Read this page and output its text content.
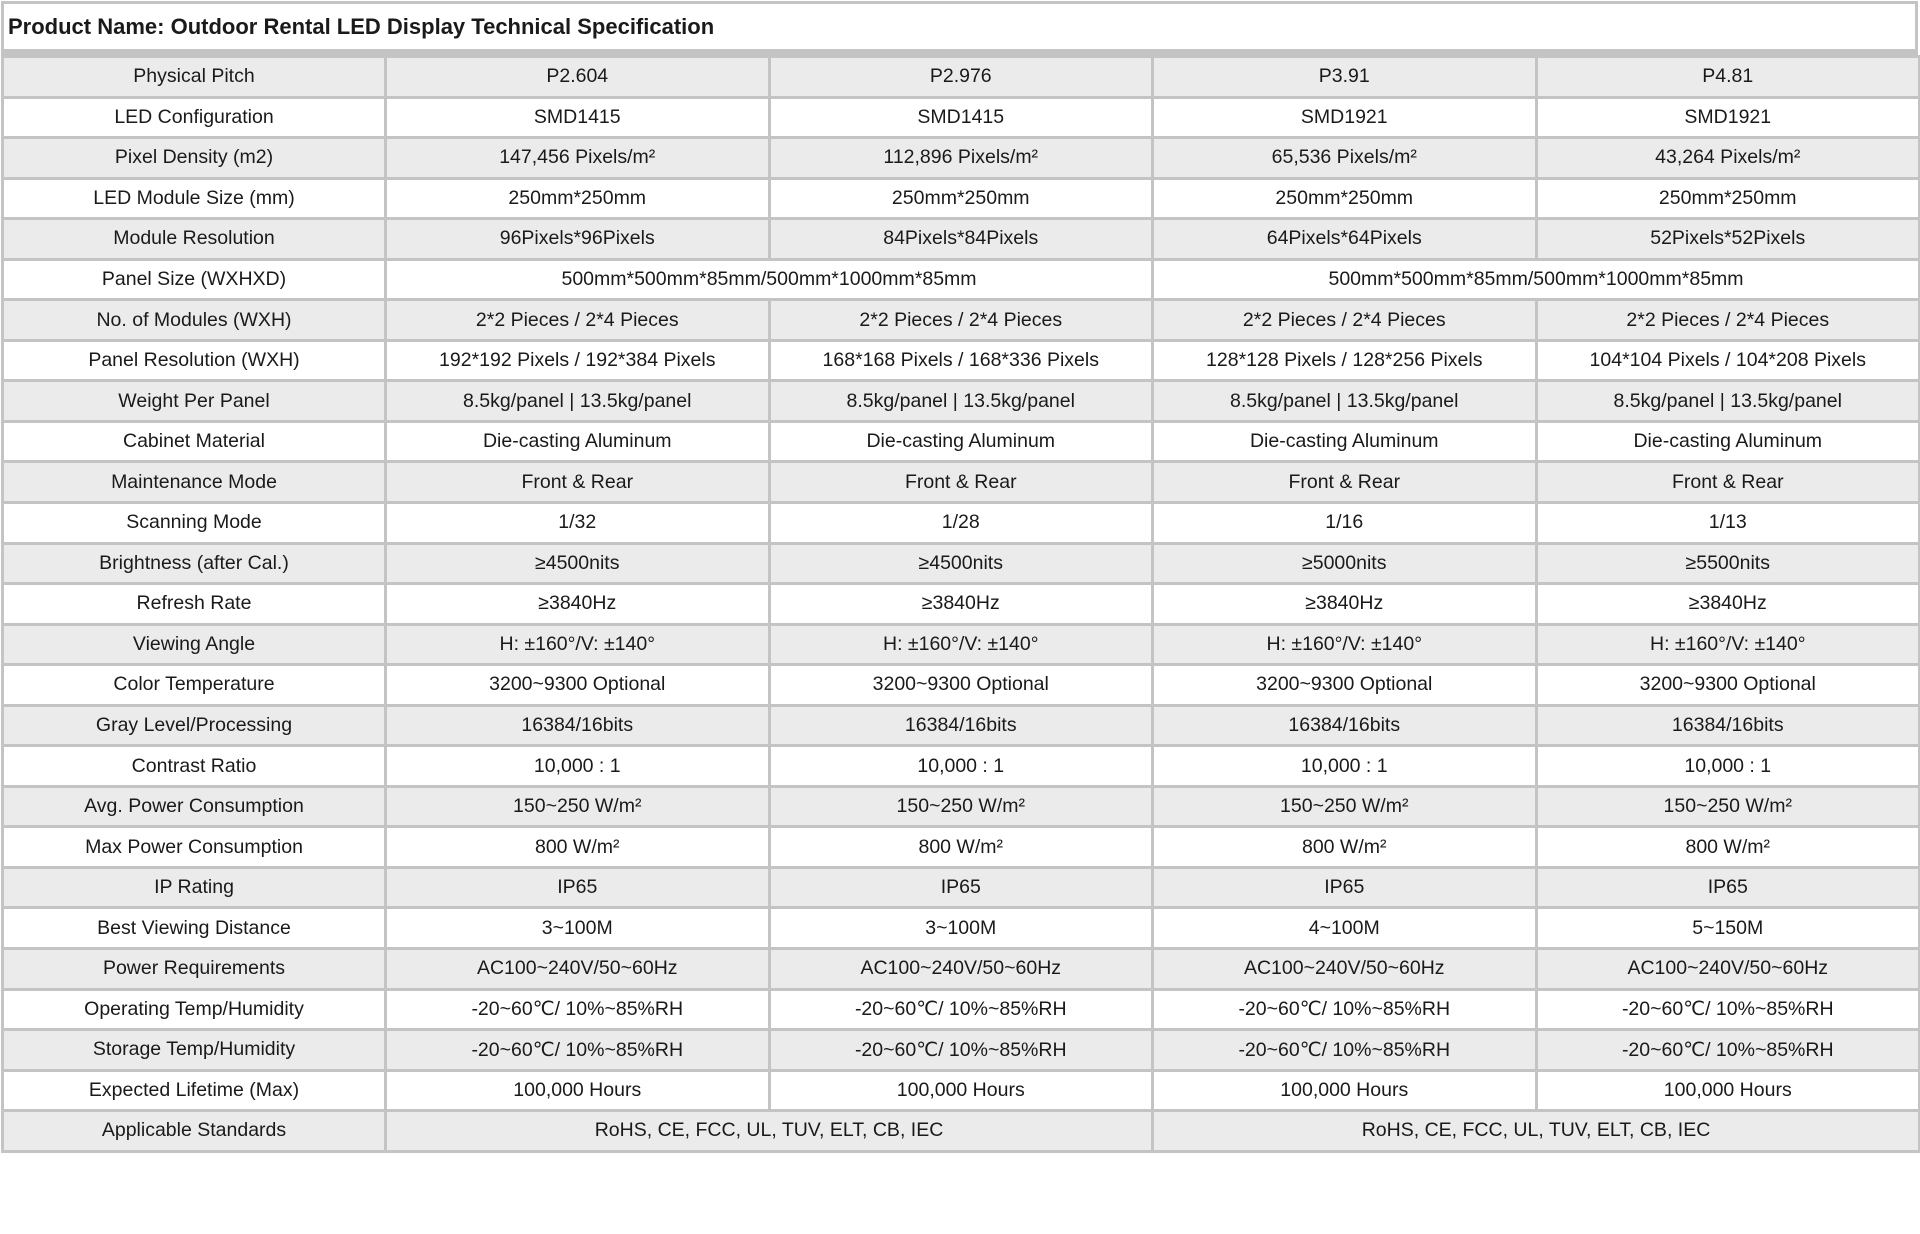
Product Name: Outdoor Rental LED Display Technical Specification
Physical Pitch	P2.604	P2.976	P3.91	P4.81
LED Configuration	SMD1415	SMD1415	SMD1921	SMD1921
Pixel Density (m2)	147,456 Pixels/m²	112,896 Pixels/m²	65,536 Pixels/m²	43,264 Pixels/m²
LED Module Size (mm)	250mm*250mm	250mm*250mm	250mm*250mm	250mm*250mm
Module Resolution	96Pixels*96Pixels	84Pixels*84Pixels	64Pixels*64Pixels	52Pixels*52Pixels
Panel Size (WXHXD)	500mm*500mm*85mm/500mm*1000mm*85mm		500mm*500mm*85mm/500mm*1000mm*85mm	
No. of Modules (WXH)	2*2 Pieces / 2*4 Pieces	2*2 Pieces / 2*4 Pieces	2*2 Pieces / 2*4 Pieces	2*2 Pieces / 2*4 Pieces
Panel Resolution (WXH)	192*192 Pixels / 192*384 Pixels	168*168 Pixels / 168*336 Pixels	128*128 Pixels / 128*256 Pixels	104*104 Pixels / 104*208 Pixels
Weight Per Panel	8.5kg/panel | 13.5kg/panel	8.5kg/panel | 13.5kg/panel	8.5kg/panel | 13.5kg/panel	8.5kg/panel | 13.5kg/panel
Cabinet Material	Die-casting Aluminum	Die-casting Aluminum	Die-casting Aluminum	Die-casting Aluminum
Maintenance Mode	Front & Rear	Front & Rear	Front & Rear	Front & Rear
Scanning Mode	1/32	1/28	1/16	1/13
Brightness (after Cal.)	≥4500nits	≥4500nits	≥5000nits	≥5500nits
Refresh Rate	≥3840Hz	≥3840Hz	≥3840Hz	≥3840Hz
Viewing Angle	H: ±160°/V: ±140°	H: ±160°/V: ±140°	H: ±160°/V: ±140°	H: ±160°/V: ±140°
Color Temperature	3200~9300 Optional	3200~9300 Optional	3200~9300 Optional	3200~9300 Optional
Gray Level/Processing	16384/16bits	16384/16bits	16384/16bits	16384/16bits
Contrast Ratio	10,000 : 1	10,000 : 1	10,000 : 1	10,000 : 1
Avg. Power Consumption	150~250 W/m²	150~250 W/m²	150~250 W/m²	150~250 W/m²
Max Power Consumption	800 W/m²	800 W/m²	800 W/m²	800 W/m²
IP Rating	IP65	IP65	IP65	IP65
Best Viewing Distance	3~100M	3~100M	4~100M	5~150M
Power Requirements	AC100~240V/50~60Hz	AC100~240V/50~60Hz	AC100~240V/50~60Hz	AC100~240V/50~60Hz
Operating Temp/Humidity	-20~60℃/ 10%~85%RH	-20~60℃/ 10%~85%RH	-20~60℃/ 10%~85%RH	-20~60℃/ 10%~85%RH
Storage Temp/Humidity	-20~60℃/ 10%~85%RH	-20~60℃/ 10%~85%RH	-20~60℃/ 10%~85%RH	-20~60℃/ 10%~85%RH
Expected Lifetime (Max)	100,000 Hours	100,000 Hours	100,000 Hours	100,000 Hours
Applicable Standards	RoHS, CE, FCC, UL, TUV, ELT, CB, IEC		RoHS, CE, FCC, UL, TUV, ELT, CB, IEC	
